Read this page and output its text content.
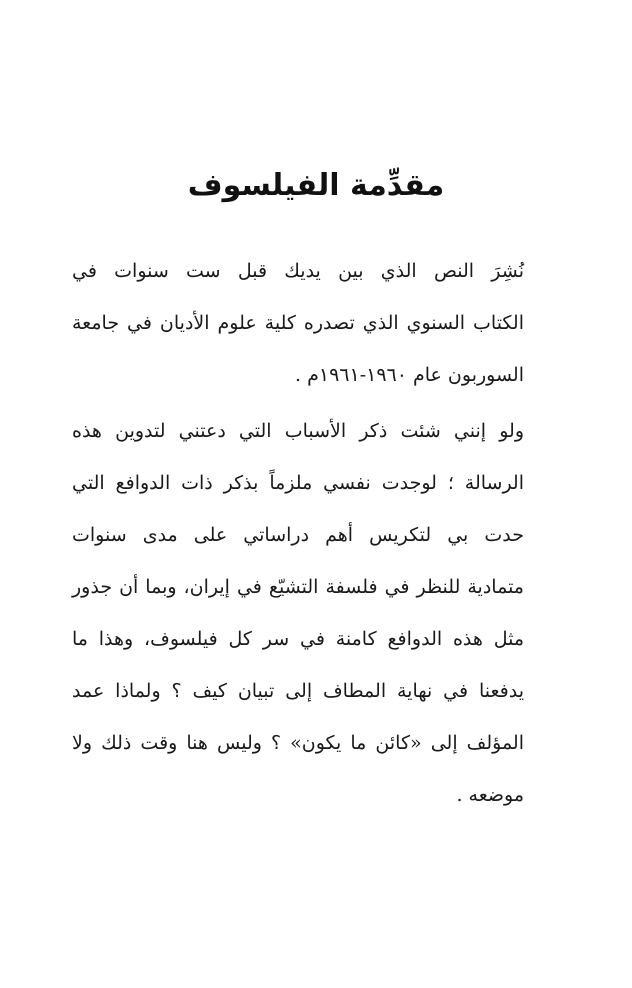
مقدِّمة الفيلسوف

نُشِرَ النص الذي بين يديك قبل ست سنوات في
الكتاب السنوي الذي تصدره كلية علوم الأديان في جامعة
السوربون عام ١٩٦٠-١٩٦١م .

ولو إنني شئت ذكر الأسباب التي دعتني لتدوين هذه
الرسالة ؛ لوجدت نفسي ملزماً بذكر ذات الدوافع التي
حدت بي لتكريس أهم دراساتي على مدى سنوات
متمادية للنظر في فلسفة التشيّع في إيران، وبما أن جذور
مثل هذه الدوافع كامنة في سر كل فيلسوف، وهذا ما
يدفعنا في نهاية المطاف إلى تبيان كيف ؟ ولماذا عمد
المؤلف إلى «كائن ما يكون» ؟ وليس هنا وقت ذلك ولا
موضعه .
